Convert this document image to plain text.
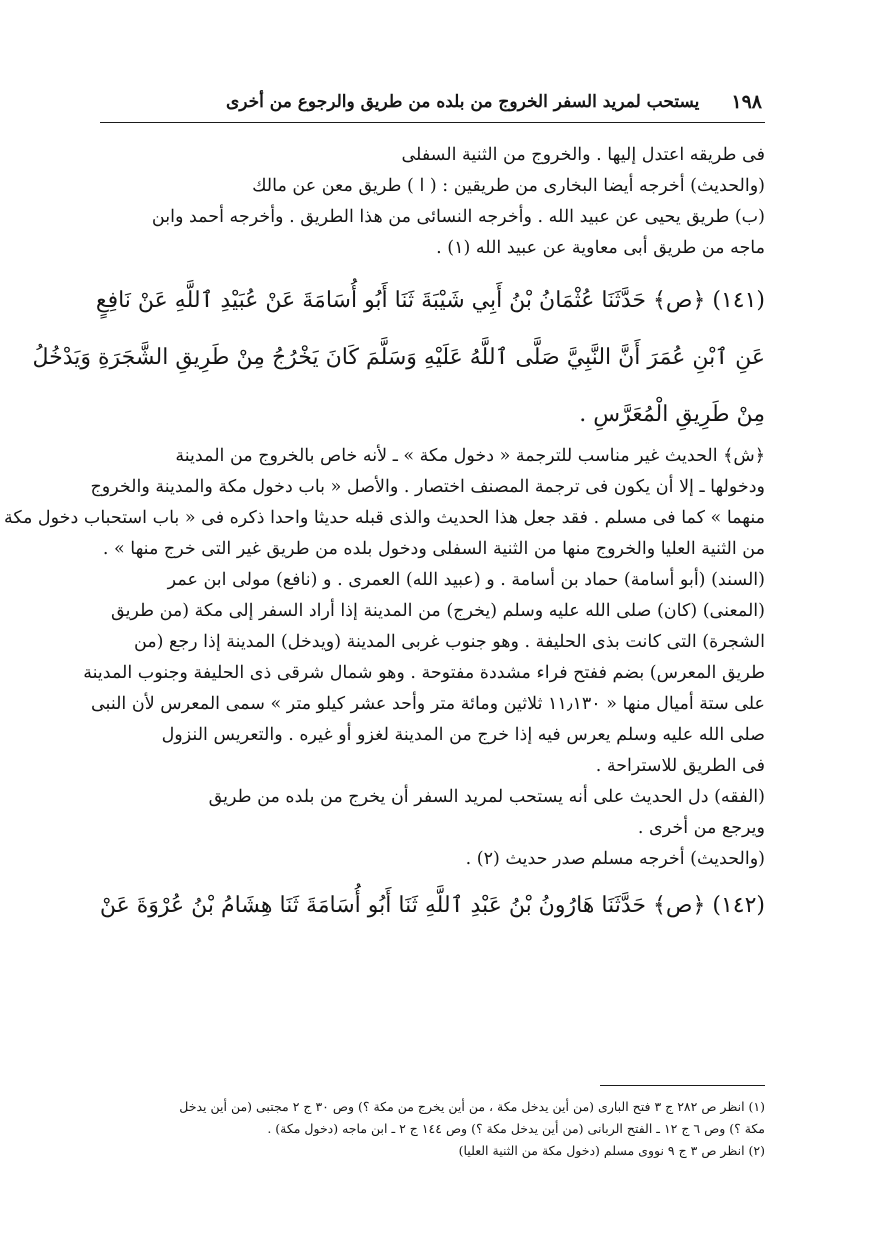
١٩٨
يستحب لمريد السفر الخروج من بلده من طريق والرجوع من أخرى
فى طريقه اعتدل إليها . والخروج من الثنية السفلى
(والحديث) أخرجه أيضا البخارى من طريقين : ( ا ) طريق معن عن مالك
(ب) طريق يحيى عن عبيد الله . وأخرجه النسائى من هذا الطريق . وأخرجه أحمد وابن
ماجه من طريق أبى معاوية عن عبيد الله (١) .
(١٤١) ﴿ص﴾ حَدَّثَنَا عُثْمَانُ بْنُ أَبِي شَيْبَةَ ثَنَا أَبُو أُسَامَةَ عَنْ عُبَيْدِ ٱللَّهِ عَنْ نَافِعٍ
عَنِ ٱبْنِ عُمَرَ أَنَّ النَّبِيَّ صَلَّى ٱللَّهُ عَلَيْهِ وَسَلَّمَ كَانَ يَخْرُجُ مِنْ طَرِيقِ الشَّجَرَةِ وَيَدْخُلُ
مِنْ طَرِيقِ الْمُعَرَّسِ .
﴿ش﴾ الحديث غير مناسب للترجمة « دخول مكة » ـ لأنه خاص بالخروج من المدينة
ودخولها ـ إلا أن يكون فى ترجمة المصنف اختصار . والأصل « باب دخول مكة والمدينة والخروج
منهما » كما فى مسلم . فقد جعل هذا الحديث والذى قبله حديثا واحدا ذكره فى « باب استحباب دخول مكة
من الثنية العليا والخروج منها من الثنية السفلى ودخول بلده من طريق غير التى خرج منها » .
(السند) (أبو أسامة) حماد بن أسامة . و (عبيد الله) العمرى . و (نافع) مولى ابن عمر
(المعنى) (كان) صلى الله عليه وسلم (يخرج) من المدينة إذا أراد السفر إلى مكة (من طريق
الشجرة) التى كانت بذى الحليفة . وهو جنوب غربى المدينة (ويدخل) المدينة إذا رجع (من
طريق المعرس) بضم ففتح فراء مشددة مفتوحة . وهو شمال شرقى ذى الحليفة وجنوب المدينة
على ستة أميال منها « ١١٫١٣٠ ثلاثين ومائة متر وأحد عشر كيلو متر » سمى المعرس لأن النبى
صلى الله عليه وسلم يعرس فيه إذا خرج من المدينة لغزو أو غيره . والتعريس النزول
فى الطريق للاستراحة .
(الفقه) دل الحديث على أنه يستحب لمريد السفر أن يخرج من بلده من طريق
ويرجع من أخرى .
(والحديث) أخرجه مسلم صدر حديث (٢) .
(١٤٢) ﴿ص﴾ حَدَّثَنَا هَارُونُ بْنُ عَبْدِ ٱللَّهِ ثَنَا أَبُو أُسَامَةَ ثَنَا هِشَامُ بْنُ عُرْوَةَ عَنْ
(١) انظر ص ٢٨٢ ج ٣ فتح البارى (من أين يدخل مكة ، من أين يخرج من مكة ؟) وص ٣٠ ج ٢ مجتبى (من أين يدخل
مكة ؟) وص ٦ ج ١٢ ـ الفتح الربانى (من أين يدخل مكة ؟) وص ١٤٤ ج ٢ ـ ابن ماجه (دخول مكة) .
(٢) انظر ص ٣ ج ٩ نووى مسلم (دخول مكة من الثنية العليا)
